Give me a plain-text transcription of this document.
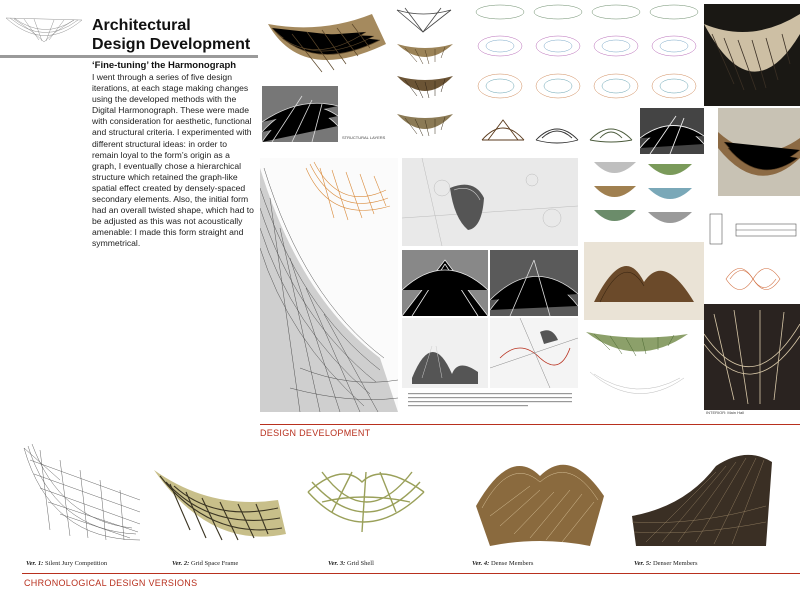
Architectural
Design Development
‘Fine-tuning’ the Harmonograph
I went through a series of five design iterations, at each stage making changes using the developed methods with the Digital Harmonograph. These were made with consideration for aesthetic, functional and structural criteria. I experimented with different structural ideas: in order to remain loyal to the form’s origin as a graph, I eventually chose a hierarchical structure which retained the graph-like spatial effect created by densely-spaced secondary elements. Also, the initial form had an overall twisted shape, which had to be adjusted as this was not acoustically amenable: I made this form straight and symmetrical.
STRUCTURAL LAYERS
INTERIOR: Main Hall
DESIGN DEVELOPMENT
Ver. 1: Silent Jury Competition	Ver. 2: Grid Space Frame	Ver. 3: Grid Shell	Ver. 4: Dense Members	Ver. 5: Denser Members
CHRONOLOGICAL DESIGN VERSIONS
